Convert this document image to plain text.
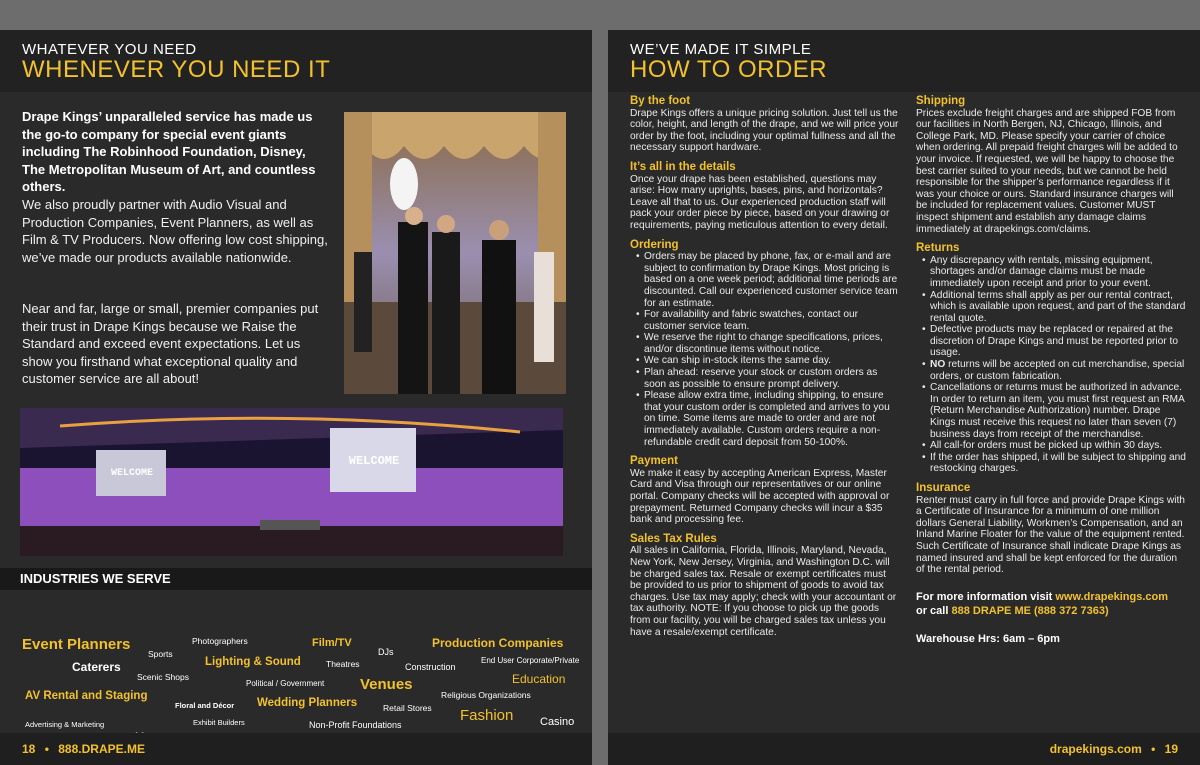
WHATEVER YOU NEED
WHENEVER YOU NEED IT
Drape Kings’ unparalleled service has made us the go-to company for special event giants including The Robinhood Foundation, Disney, The Metropolitan Museum of Art, and countless others.
We also proudly partner with Audio Visual and Production Companies, Event Planners, as well as Film & TV Producers. Now offering low cost shipping, we’ve made our products available nationwide.
Near and far, large or small, premier companies put their trust in Drape Kings because we Raise the Standard and exceed event expectations. Let us show you firsthand what exceptional quality and customer service are all about!
WELCOME
WELCOME
INDUSTRIES WE SERVE
Event Planners
Sports
Photographers	Film/TV
DJs
Production Companies
Caterers	Lighting & Sound	Theatres	Construction
End User Corporate/Private
Scenic Shops
Political / Government Venues	Education
AV Rental and Staging	Religious Organizations
Floral and Décor Wedding Planners	Retail Stores Fashion
Advertising & Marketing	Exhibit Builders	Non-Profit Foundations	Casino
18 • 888.DRAPE.ME
WE’VE MADE IT SIMPLE
HOW TO ORDER
By the foot

Drape Kings offers a unique pricing solution. Just tell us the color, height, and length of the drape, and we will price your order by the foot, including your optimal fullness and all the necessary support hardware.

It’s all in the details

Once your drape has been established, questions may arise: How many uprights, bases, pins, and horizontals? Leave all that to us. Our experienced production staff will pack your order piece by piece, based on your drawing or requirements, paying meticulous attention to every detail.

Ordering
• Orders may be placed by phone, fax, or e-mail and are subject to confirmation by Drape Kings. Most pricing is based on a one week period; additional time periods are discounted. Call our experienced customer service team for an estimate.
• For availability and fabric swatches, contact our customer service team.
• We reserve the right to change specifications, prices, and/or discontinue items without notice.
• We can ship in-stock items the same day.
• Plan ahead: reserve your stock or custom orders as soon as possible to ensure prompt delivery.
• Please allow extra time, including shipping, to ensure that your custom order is completed and arrives to you on time. Some items are made to order and are not immediately available. Custom orders require a non-refundable credit card deposit from 50-100%.
Payment

We make it easy by accepting American Express, Master Card and Visa through our representatives or our online portal. Company checks will be accepted with approval or prepayment. Returned Company checks will incur a $35 bank and processing fee.

Sales Tax Rules

All sales in California, Florida, Illinois, Maryland, Nevada, New York, New Jersey, Virginia, and Washington D.C. will be charged sales tax. Resale or exempt certificates must be provided to us prior to shipment of goods to avoid tax charges. Use tax may apply; check with your accountant or tax authority. NOTE: If you choose to pick up the goods from our facility, you will be charged sales tax unless you have a resale/exempt certificate.

Shipping

Prices exclude freight charges and are shipped FOB from our facilities in North Bergen, NJ, Chicago, Illinois, and College Park, MD. Please specify your carrier of choice when ordering. All prepaid freight charges will be added to your invoice. If requested, we will be happy to choose the best carrier suited to your needs, but we cannot be held responsible for the shipper’s performance regardless if it was your choice or ours. Standard insurance charges will be included for replacement values. Customer MUST inspect shipment and establish any damage claims immediately at drapekings.com/claims.

Returns
• Any discrepancy with rentals, missing equipment, shortages and/or damage claims must be made immediately upon receipt and prior to your event.
• Additional terms shall apply as per our rental contract, which is available upon request, and part of the standard rental quote.
• Defective products may be replaced or repaired at the discretion of Drape Kings and must be reported prior to usage.
• NO returns will be accepted on cut merchandise, special orders, or custom fabrication.
• Cancellations or returns must be authorized in advance. In order to return an item, you must first request an RMA (Return Merchandise Authorization) number. Drape Kings must receive this request no later than seven (7) business days from receipt of the merchandise.
• All call-for orders must be picked up within 30 days.
• If the order has shipped, it will be subject to shipping and restocking charges.
Insurance

Renter must carry in full force and provide Drape Kings with a Certificate of Insurance for a minimum of one million dollars General Liability, Workmen’s Compensation, and an Inland Marine Floater for the value of the equipment rented. Such Certificate of Insurance shall indicate Drape Kings as named insured and shall be kept enforced for the duration of the rental period.

For more information visit www.drapekings.com
or call 888 DRAPE ME (888 372 7363)
Warehouse Hrs: 6am – 6pm
drapekings.com • 19
